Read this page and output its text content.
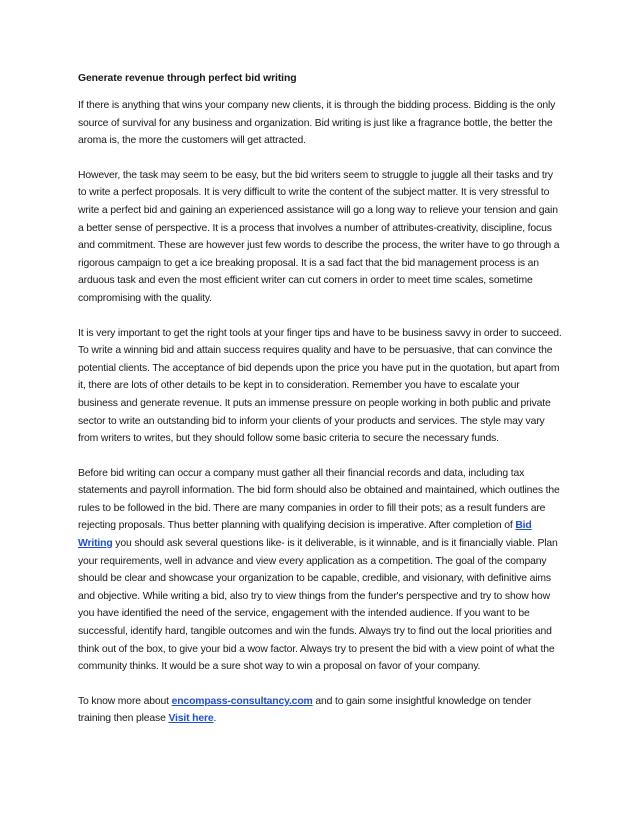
Generate revenue through perfect bid writing

If there is anything that wins your company new clients, it is through the bidding process. Bidding is the only source of survival for any business and organization. Bid writing is just like a fragrance bottle, the better the aroma is, the more the customers will get attracted.

However, the task may seem to be easy, but the bid writers seem to struggle to juggle all their tasks and try to write a perfect proposals. It is very difficult to write the content of the subject matter. It is very stressful to write a perfect bid and gaining an experienced assistance will go a long way to relieve your tension and gain a better sense of perspective. It is a process that involves a number of attributes-creativity, discipline, focus and commitment. These are however just few words to describe the process, the writer have to go through a rigorous campaign to get a ice breaking proposal. It is a sad fact that the bid management process is an arduous task and even the most efficient writer can cut corners in order to meet time scales, sometime compromising with the quality.

It is very important to get the right tools at your finger tips and have to be business savvy in order to succeed. To write a winning bid and attain success requires quality and have to be persuasive, that can convince the potential clients. The acceptance of bid depends upon the price you have put in the quotation, but apart from it, there are lots of other details to be kept in to consideration. Remember you have to escalate your business and generate revenue. It puts an immense pressure on people working in both public and private sector to write an outstanding bid to inform your clients of your products and services. The style may vary from writers to writes, but they should follow some basic criteria to secure the necessary funds.

Before bid writing can occur a company must gather all their financial records and data, including tax statements and payroll information. The bid form should also be obtained and maintained, which outlines the rules to be followed in the bid. There are many companies in order to fill their pots; as a result funders are rejecting proposals. Thus better planning with qualifying decision is imperative. After completion of Bid Writing you should ask several questions like- is it deliverable, is it winnable, and is it financially viable. Plan your requirements, well in advance and view every application as a competition. The goal of the company should be clear and showcase your organization to be capable, credible, and visionary, with definitive aims and objective. While writing a bid, also try to view things from the funder's perspective and try to show how you have identified the need of the service, engagement with the intended audience. If you want to be successful, identify hard, tangible outcomes and win the funds. Always try to find out the local priorities and think out of the box, to give your bid a wow factor. Always try to present the bid with a view point of what the community thinks. It would be a sure shot way to win a proposal on favor of your company.

To know more about encompass-consultancy.com and to gain some insightful knowledge on tender training then please Visit here.
